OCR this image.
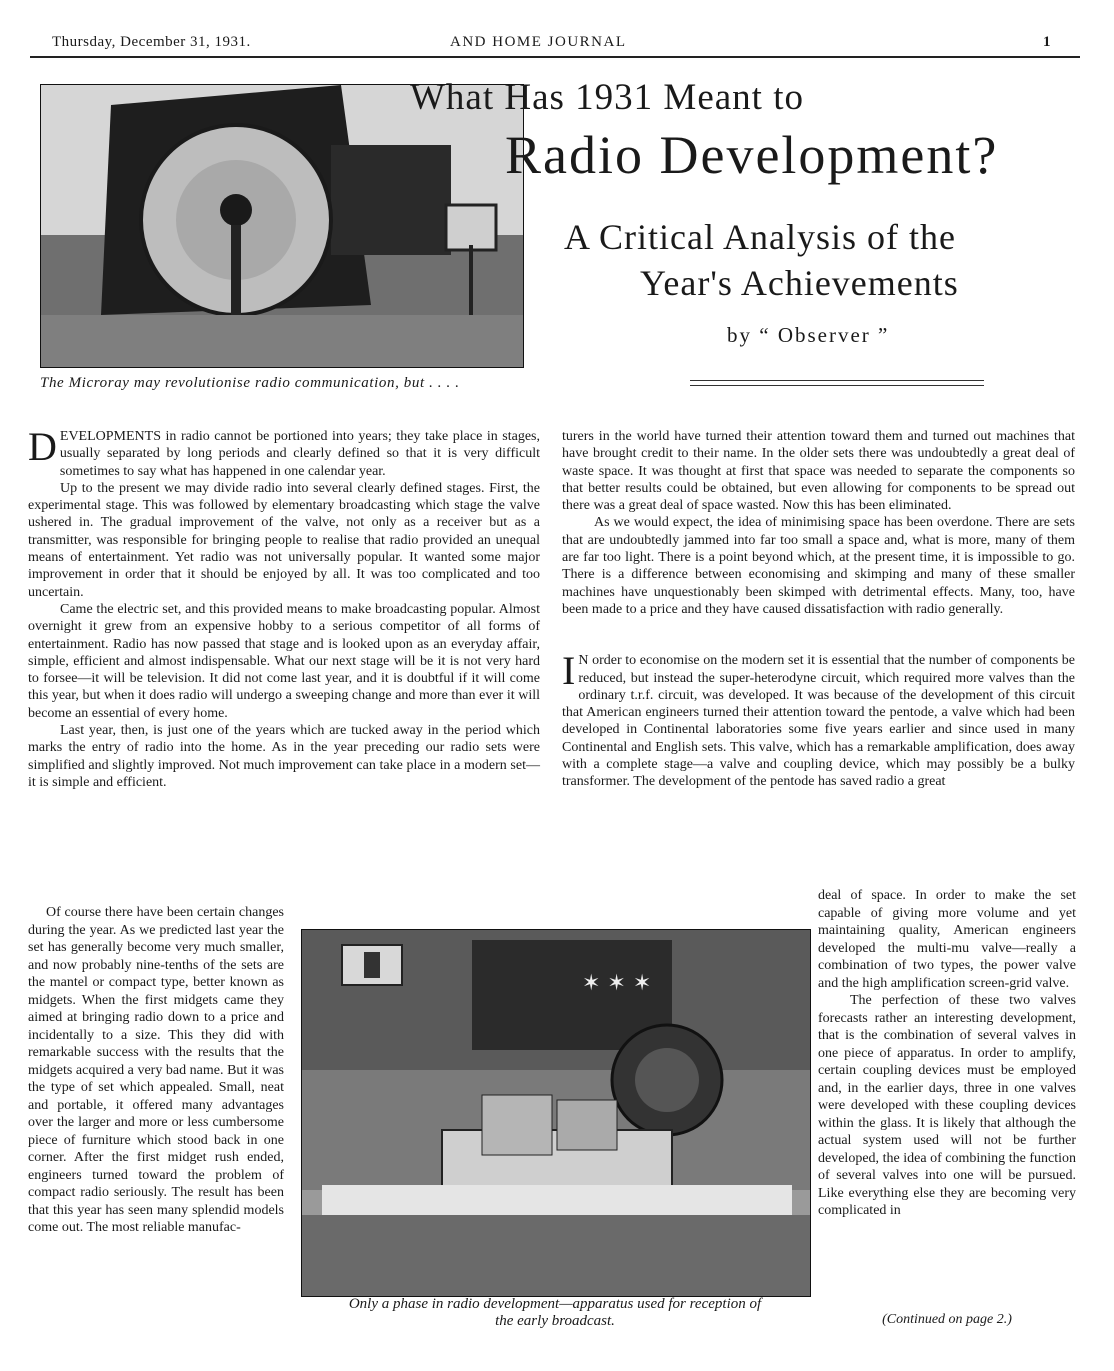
Thursday, December 31, 1931.	AND HOME JOURNAL	1
The Microray may revolutionise radio communication, but . . . .
What Has 1931 Meant to
Radio Development?
A Critical Analysis of the
Year's Achievements
by “ Observer ”

DEVELOPMENTS in radio cannot be portioned into years; they take place in stages, usually separated by long periods and clearly defined so that it is very difficult sometimes to say what has happened in one calendar year.

Up to the present we may divide radio into several clearly defined stages. First, the experimental stage. This was followed by elementary broadcasting which stage the valve ushered in. The gradual improvement of the valve, not only as a receiver but as a transmitter, was responsible for bringing people to realise that radio provided an unequal means of entertainment. Yet radio was not universally popular. It wanted some major improvement in order that it should be enjoyed by all. It was too complicated and too uncertain.

Came the electric set, and this provided means to make broadcasting popular. Almost overnight it grew from an expensive hobby to a serious competitor of all forms of entertainment. Radio has now passed that stage and is looked upon as an everyday affair, simple, efficient and almost indispensable. What our next stage will be it is not very hard to forsee—it will be television. It did not come last year, and it is doubtful if it will come this year, but when it does radio will undergo a sweeping change and more than ever it will become an essential of every home.

Last year, then, is just one of the years which are tucked away in the period which marks the entry of radio into the home. As in the year preceding our radio sets were simplified and slightly improved. Not much improvement can take place in a modern set—it is simple and efficient.

Of course there have been certain changes during the year. As we predicted last year the set has generally become very much smaller, and now probably nine-tenths of the sets are the mantel or compact type, better known as midgets. When the first midgets came they aimed at bringing radio down to a price and incidentally to a size. This they did with remarkable success with the results that the midgets acquired a very bad name. But it was the type of set which appealed. Small, neat and portable, it offered many advantages over the larger and more or less cumbersome piece of furniture which stood back in one corner. After the first midget rush ended, engineers turned toward the problem of compact radio seriously. The result has been that this year has seen many splendid models come out. The most reliable manufac-

✶ ✶ ✶
Only a phase in radio development—apparatus used for reception of
the early broadcast.

turers in the world have turned their attention toward them and turned out machines that have brought credit to their name. In the older sets there was undoubtedly a great deal of waste space. It was thought at first that space was needed to separate the components so that better results could be obtained, but even allowing for components to be spread out there was a great deal of space wasted. Now this has been eliminated.

As we would expect, the idea of minimising space has been overdone. There are sets that are undoubtedly jammed into far too small a space and, what is more, many of them are far too light. There is a point beyond which, at the present time, it is impossible to go. There is a difference between economising and skimping and many of these smaller machines have unquestionably been skimped with detrimental effects. Many, too, have been made to a price and they have caused dissatisfaction with radio generally.

I N order to economise on the modern set it is essential that the number of components be reduced, but instead the super-heterodyne circuit, which required more valves than the ordinary t.r.f. circuit, was developed. It was because of the development of this circuit that American engineers turned their attention toward the pentode, a valve which had been developed in Continental laboratories some five years earlier and since used in many Continental and English sets. This valve, which has a remarkable amplification, does away with a complete stage—a valve and coupling device, which may possibly be a bulky transformer. The development of the pentode has saved radio a great

deal of space. In order to make the set capable of giving more volume and yet maintaining quality, American engineers developed the multi-mu valve—really a combination of two types, the power valve and the high amplification screen-grid valve.

The perfection of these two valves forecasts rather an interesting development, that is the combination of several valves in one piece of apparatus. In order to amplify, certain coupling devices must be employed and, in the earlier days, three in one valves were developed with these coupling devices within the glass. It is likely that although the actual system used will not be further developed, the idea of combining the function of several valves into one will be pursued. Like everything else they are becoming very complicated in

(Continued on page 2.)
